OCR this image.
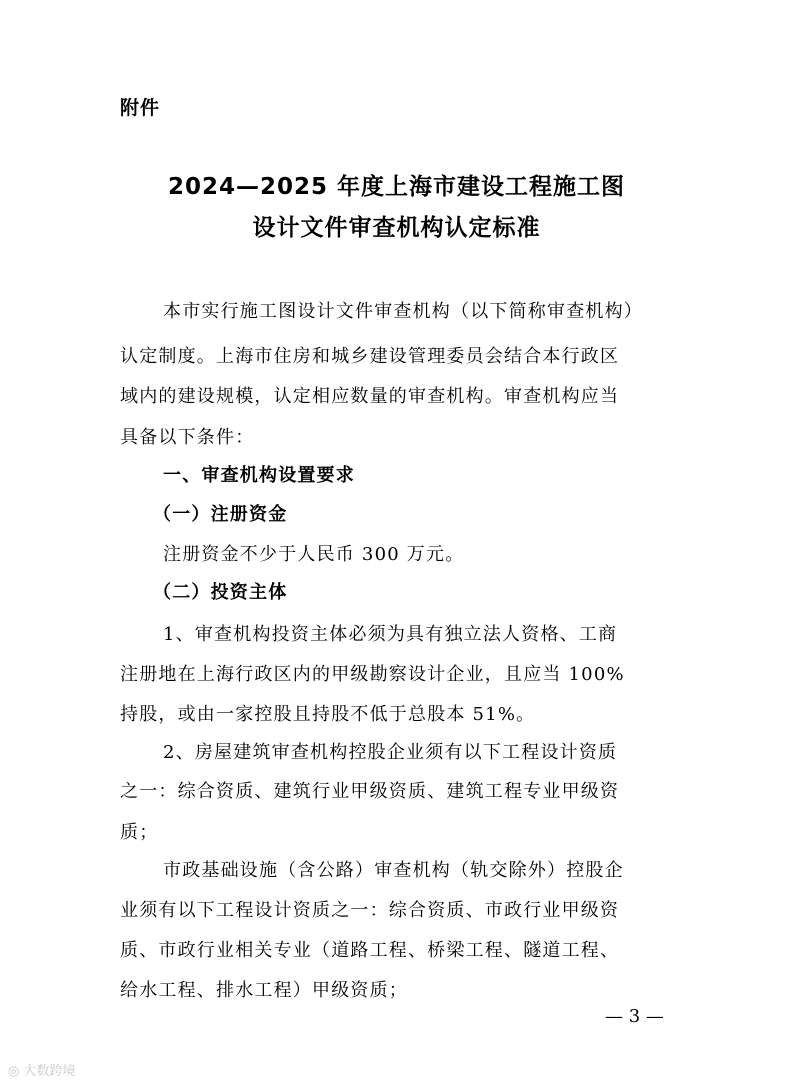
附件
2024—2025 年度上海市建设工程施工图
设计文件审查机构认定标准
本市实行施工图设计文件审查机构（以下简称审查机构）
认定制度。上海市住房和城乡建设管理委员会结合本行政区
域内的建设规模，认定相应数量的审查机构。审查机构应当
具备以下条件：
一、审查机构设置要求
（一）注册资金
注册资金不少于人民币 300 万元。
（二）投资主体
1、审查机构投资主体必须为具有独立法人资格、工商
注册地在上海行政区内的甲级勘察设计企业，且应当 100%
持股，或由一家控股且持股不低于总股本 51%。
2、房屋建筑审查机构控股企业须有以下工程设计资质
之一：综合资质、建筑行业甲级资质、建筑工程专业甲级资
质；
市政基础设施（含公路）审查机构（轨交除外）控股企
业须有以下工程设计资质之一：综合资质、市政行业甲级资
质、市政行业相关专业（道路工程、桥梁工程、隧道工程、
给水工程、排水工程）甲级资质；
— 3 —
◎ 大数跨境
